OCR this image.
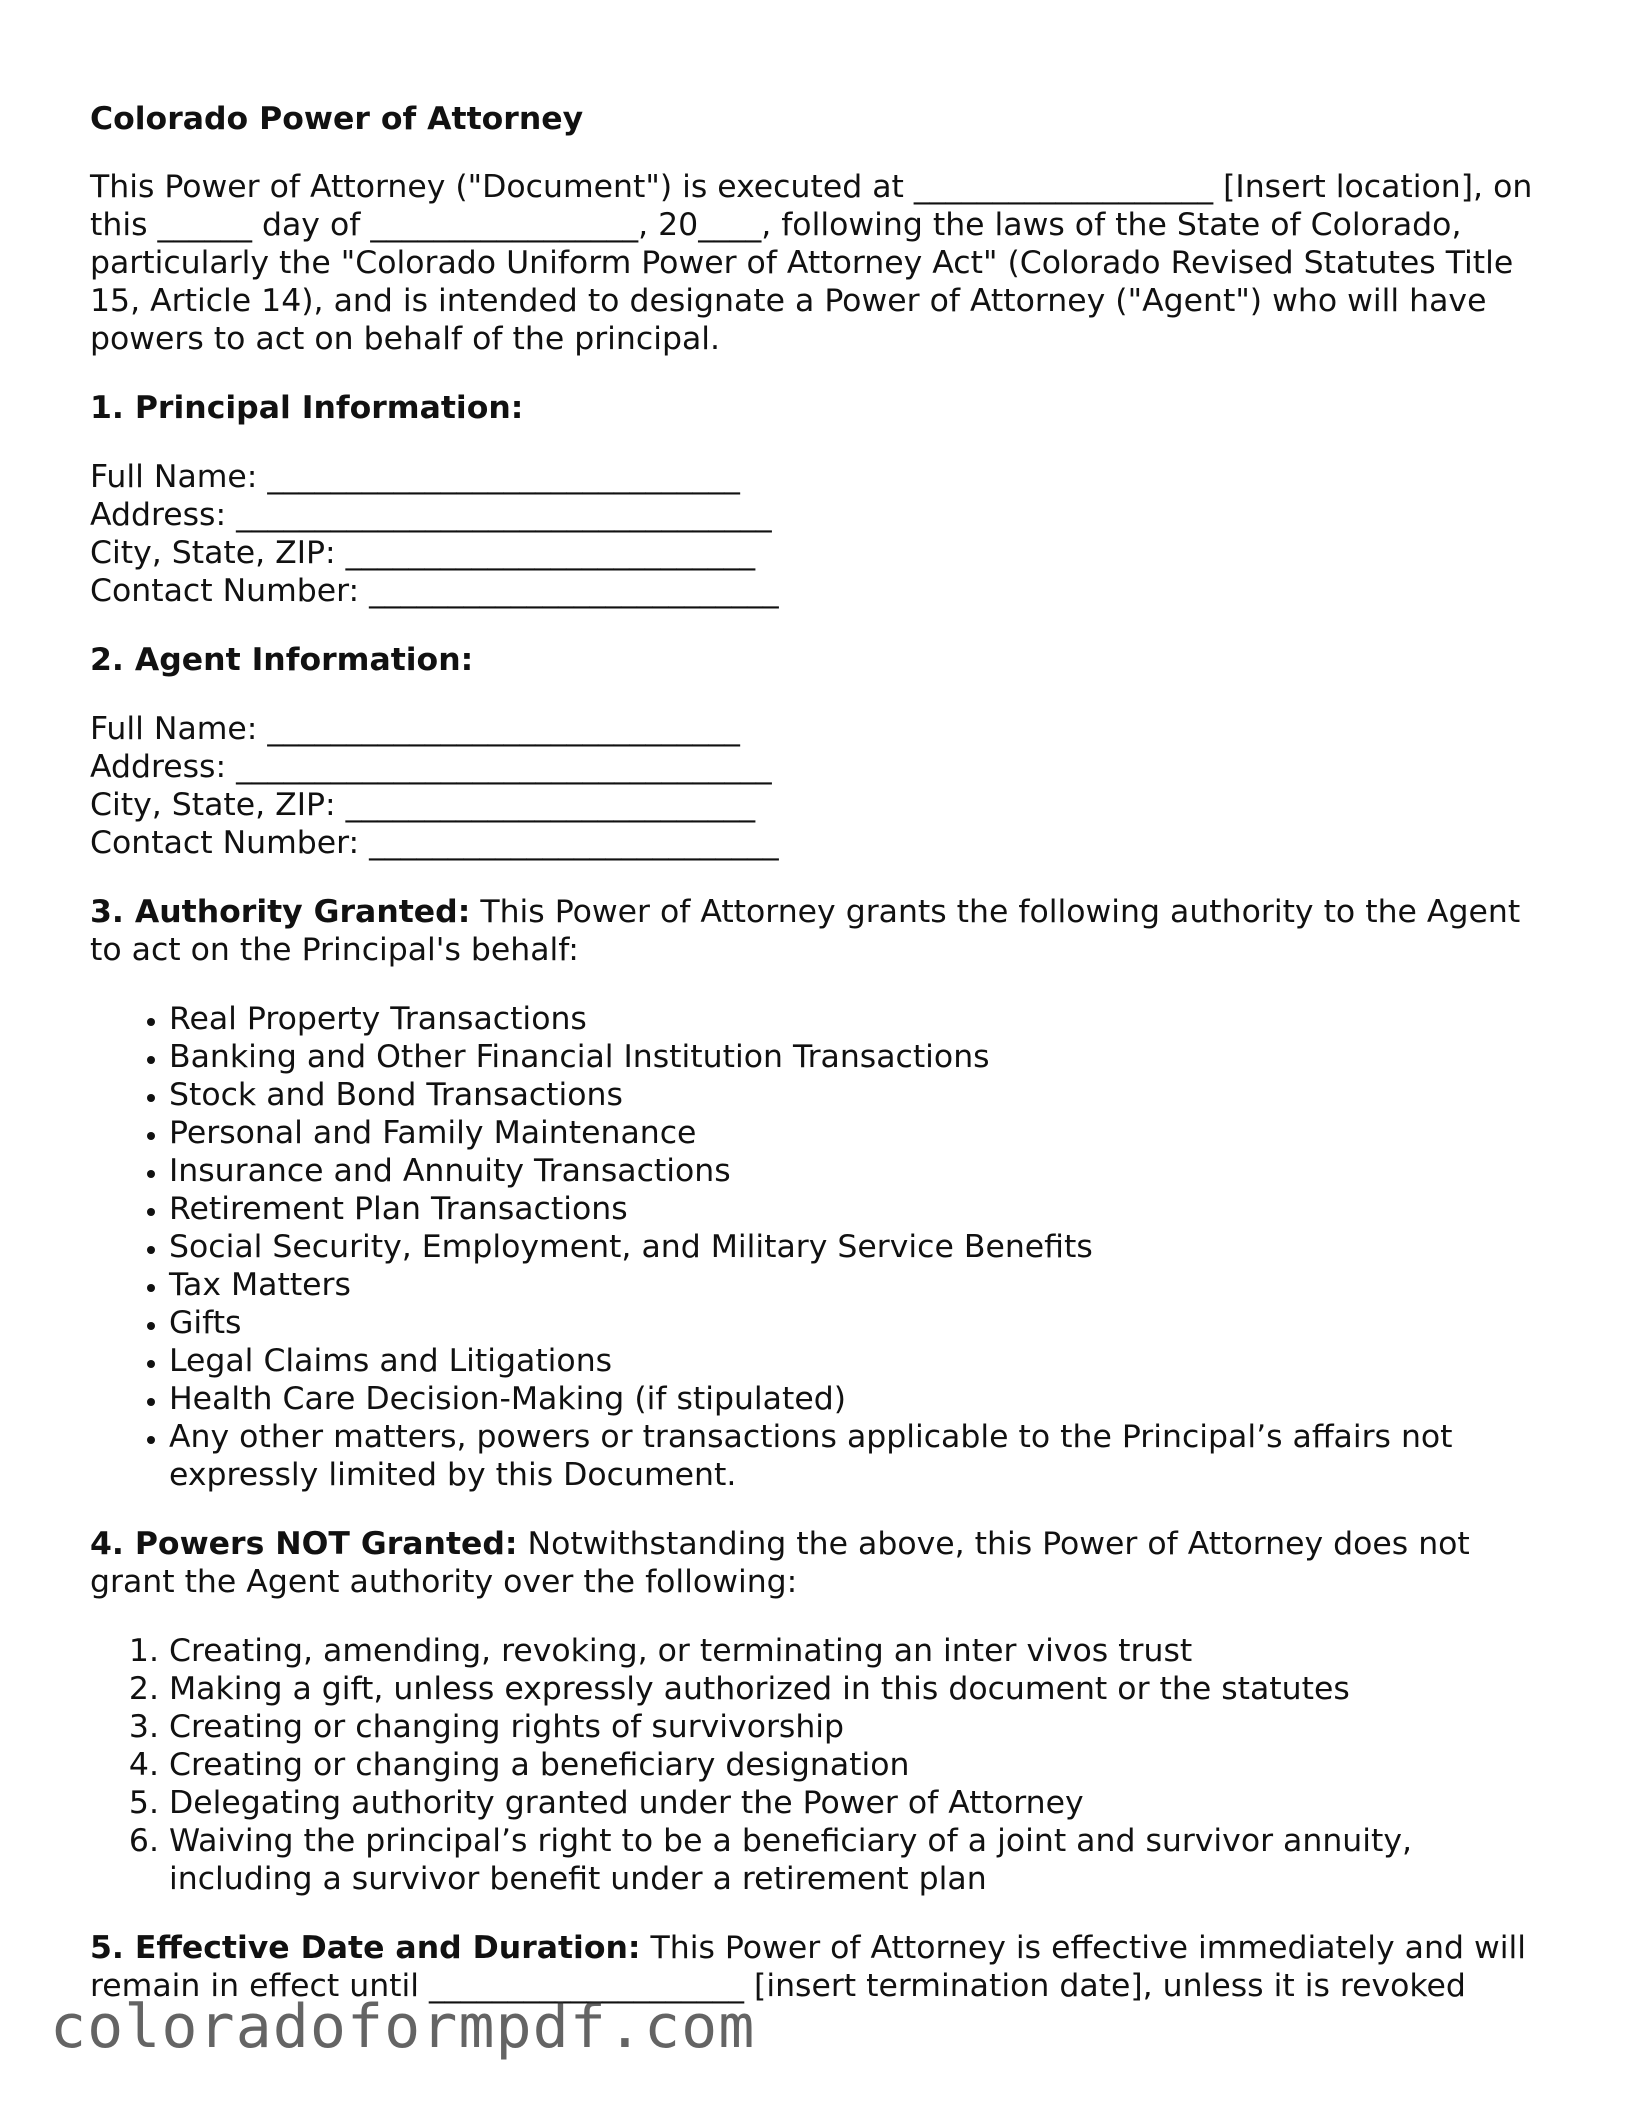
Colorado Power of Attorney

This Power of Attorney ("Document") is executed at ___________________ [Insert location], on this ______ day of _________________, 20____, following the laws of the State of Colorado, particularly the "Colorado Uniform Power of Attorney Act" (Colorado Revised Statutes Title 15, Article 14), and is intended to designate a Power of Attorney ("Agent") who will have powers to act on behalf of the principal.

1. Principal Information:
Full Name: ______________________________
Address: __________________________________
City, State, ZIP: __________________________
Contact Number: __________________________
2. Agent Information:
Full Name: ______________________________
Address: __________________________________
City, State, ZIP: __________________________
Contact Number: __________________________

3. Authority Granted: This Power of Attorney grants the following authority to the Agent to act on the Principal's behalf:

• Real Property Transactions
• Banking and Other Financial Institution Transactions
• Stock and Bond Transactions
• Personal and Family Maintenance
• Insurance and Annuity Transactions
• Retirement Plan Transactions
• Social Security, Employment, and Military Service Benefits
• Tax Matters
• Gifts
• Legal Claims and Litigations
• Health Care Decision-Making (if stipulated)
• Any other matters, powers or transactions applicable to the Principal’s affairs not expressly limited by this Document.

4. Powers NOT Granted: Notwithstanding the above, this Power of Attorney does not grant the Agent authority over the following:

1. Creating, amending, revoking, or terminating an inter vivos trust
2. Making a gift, unless expressly authorized in this document or the statutes
3. Creating or changing rights of survivorship
4. Creating or changing a beneficiary designation
5. Delegating authority granted under the Power of Attorney
6. Waiving the principal’s right to be a beneficiary of a joint and survivor annuity, including a survivor benefit under a retirement plan

5. Effective Date and Duration: This Power of Attorney is effective immediately and will remain in effect until ____________________ [insert termination date], unless it is revoked

coloradoformpdf.com
